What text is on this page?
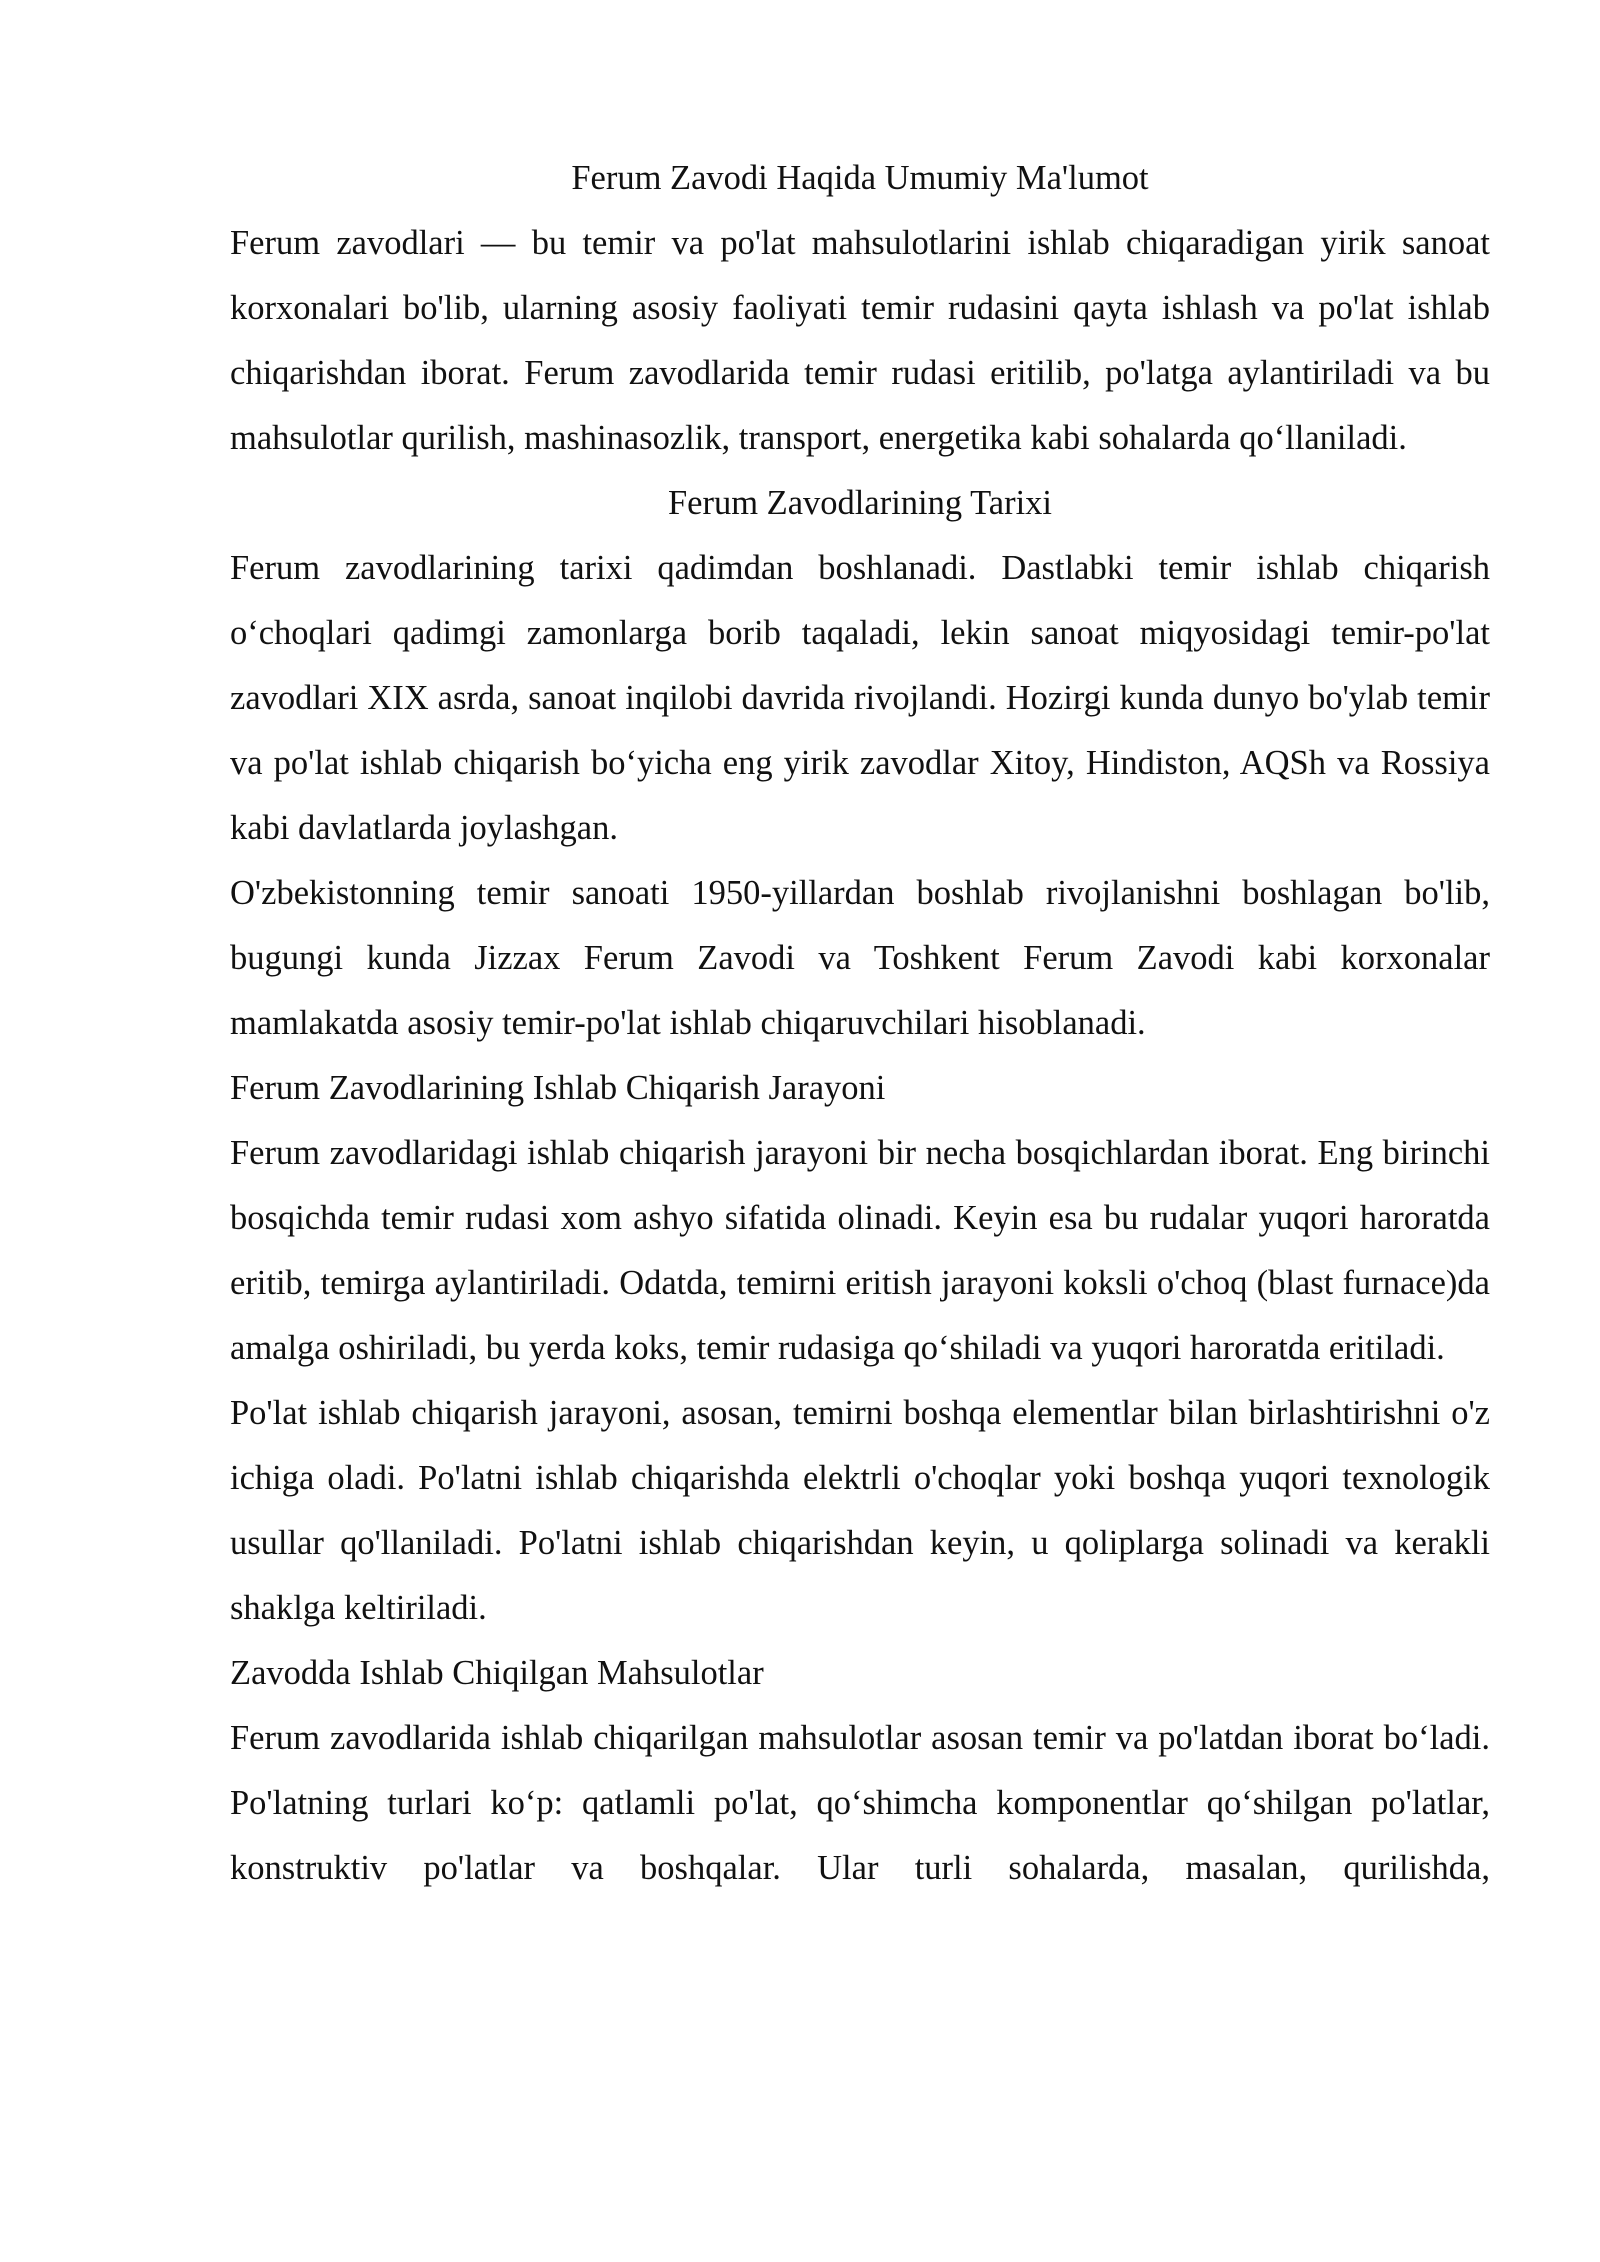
Ferum Zavodi Haqida Umumiy Ma'lumot

Ferum zavodlari — bu temir va po'lat mahsulotlarini ishlab chiqaradigan yirik sanoat korxonalari bo'lib, ularning asosiy faoliyati temir rudasini qayta ishlash va po'lat ishlab chiqarishdan iborat. Ferum zavodlarida temir rudasi eritilib, po'latga aylantiriladi va bu mahsulotlar qurilish, mashinasozlik, transport, energetika kabi sohalarda qoʻllaniladi.

Ferum Zavodlarining Tarixi

Ferum zavodlarining tarixi qadimdan boshlanadi. Dastlabki temir ishlab chiqarish oʻchoqlari qadimgi zamonlarga borib taqaladi, lekin sanoat miqyosidagi temir-po'lat zavodlari XIX asrda, sanoat inqilobi davrida rivojlandi. Hozirgi kunda dunyo bo'ylab temir va po'lat ishlab chiqarish boʻyicha eng yirik zavodlar Xitoy, Hindiston, AQSh va Rossiya kabi davlatlarda joylashgan.

O'zbekistonning temir sanoati 1950-yillardan boshlab rivojlanishni boshlagan bo'lib, bugungi kunda Jizzax Ferum Zavodi va Toshkent Ferum Zavodi kabi korxonalar mamlakatda asosiy temir-po'lat ishlab chiqaruvchilari hisoblanadi.

Ferum Zavodlarining Ishlab Chiqarish Jarayoni

Ferum zavodlaridagi ishlab chiqarish jarayoni bir necha bosqichlardan iborat. Eng birinchi bosqichda temir rudasi xom ashyo sifatida olinadi. Keyin esa bu rudalar yuqori haroratda eritib, temirga aylantiriladi. Odatda, temirni eritish jarayoni koksli o'choq (blast furnace)da amalga oshiriladi, bu yerda koks, temir rudasiga qoʻshiladi va yuqori haroratda eritiladi.

Po'lat ishlab chiqarish jarayoni, asosan, temirni boshqa elementlar bilan birlashtirishni o'z ichiga oladi. Po'latni ishlab chiqarishda elektrli o'choqlar yoki boshqa yuqori texnologik usullar qo'llaniladi. Po'latni ishlab chiqarishdan keyin, u qoliplarga solinadi va kerakli shaklga keltiriladi.

Zavodda Ishlab Chiqilgan Mahsulotlar

Ferum zavodlarida ishlab chiqarilgan mahsulotlar asosan temir va po'latdan iborat boʻladi. Po'latning turlari koʻp: qatlamli po'lat, qoʻshimcha komponentlar qoʻshilgan po'latlar, konstruktiv po'latlar va boshqalar. Ular turli sohalarda, masalan, qurilishda,
